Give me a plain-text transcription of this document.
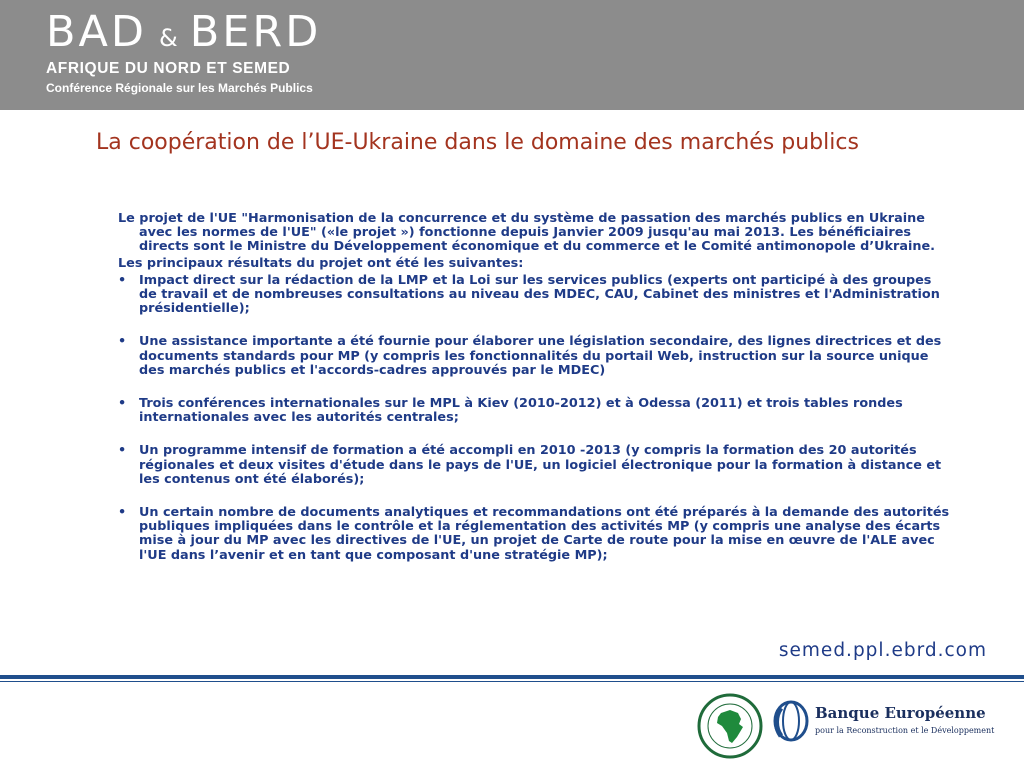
BAD & BERD
AFRIQUE DU NORD ET SEMED
Conférence Régionale sur les Marchés Publics
La coopération de l’UE-Ukraine dans le domaine des marchés publics

Le projet de l'UE "Harmonisation de la concurrence et du système de passation des marchés publics en Ukraine avec les normes de l'UE" («le projet ») fonctionne depuis Janvier 2009 jusqu'au mai 2013. Les bénéficiaires directs sont le Ministre du Développement économique et du commerce et le Comité antimonopole d’Ukraine.

Les principaux résultats du projet ont été les suivantes:

• Impact direct sur la rédaction de la LMP et la Loi sur les services publics (experts ont participé à des groupes de travail et de nombreuses consultations au niveau des MDEC, CAU, Cabinet des ministres et l'Administration présidentielle);
• Une assistance importante a été fournie pour élaborer une législation secondaire, des lignes directrices et des documents standards pour MP (y compris les fonctionnalités du portail Web, instruction sur la source unique des marchés publics et l'accords-cadres approuvés par le MDEC)
• Trois conférences internationales sur le MPL à Kiev (2010-2012) et à Odessa (2011) et trois tables rondes internationales avec les autorités centrales;
• Un programme intensif de formation a été accompli en 2010 -2013 (y compris la formation des 20 autorités régionales et deux visites d'étude dans le pays de l'UE, un logiciel électronique pour la formation à distance et les contenus ont été élaborés);
• Un certain nombre de documents analytiques et recommandations ont été préparés à la demande des autorités publiques impliquées dans le contrôle et la réglementation des activités MP (y compris une analyse des écarts mise à jour du MP avec les directives de l'UE, un projet de Carte de route pour la mise en œuvre de l'ALE avec l'UE dans l’avenir et en tant que composant d'une stratégie MP);
semed.ppl.ebrd.com
Banque Européenne
pour la Reconstruction et le Développement
